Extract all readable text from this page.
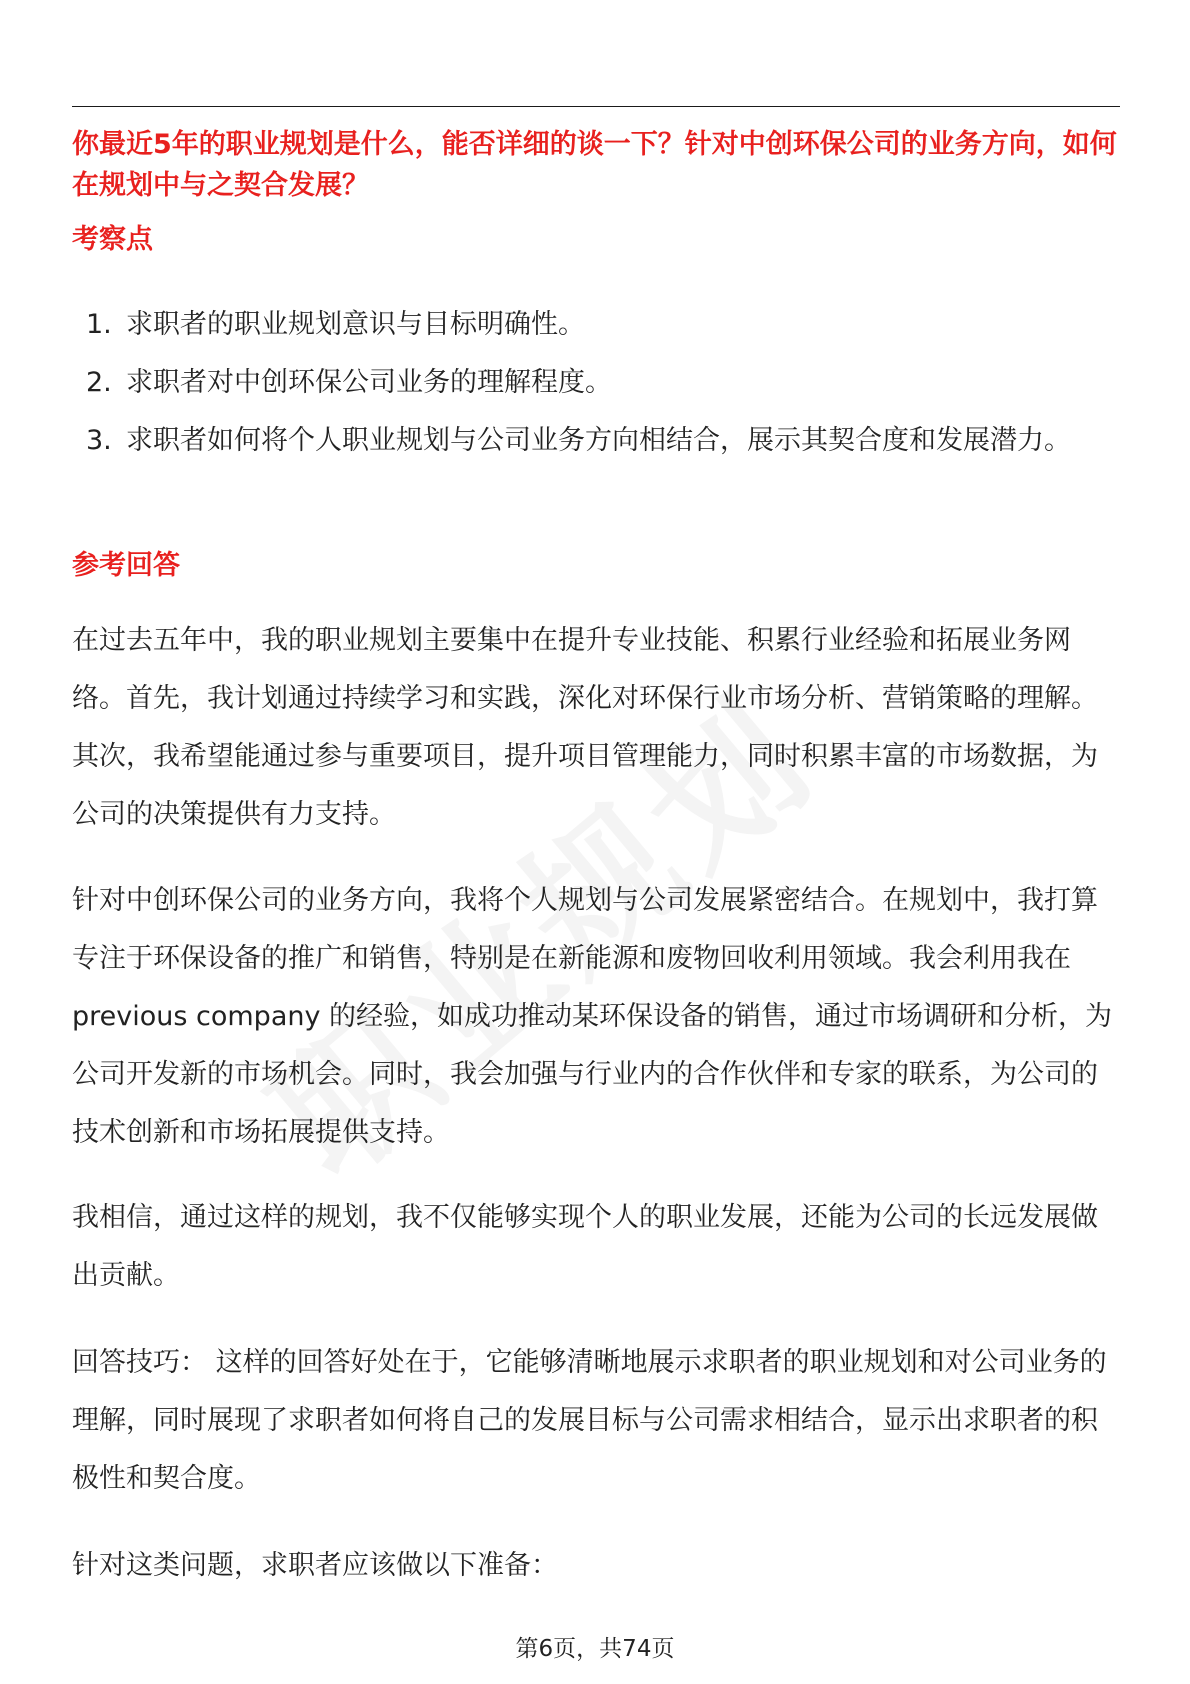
你最近5年的职业规划是什么，能否详细的谈一下？针对中创环保公司的业务方向，如何在规划中与之契合发展？

考察点

1. 求职者的职业规划意识与目标明确性。
2. 求职者对中创环保公司业务的理解程度。
3. 求职者如何将个人职业规划与公司业务方向相结合，展示其契合度和发展潜力。

参考回答

在过去五年中，我的职业规划主要集中在提升专业技能、积累行业经验和拓展业务网络。首先，我计划通过持续学习和实践，深化对环保行业市场分析、营销策略的理解。其次，我希望能通过参与重要项目，提升项目管理能力，同时积累丰富的市场数据，为公司的决策提供有力支持。

针对中创环保公司的业务方向，我将个人规划与公司发展紧密结合。在规划中，我打算专注于环保设备的推广和销售，特别是在新能源和废物回收利用领域。我会利用我在 previous company 的经验，如成功推动某环保设备的销售，通过市场调研和分析，为公司开发新的市场机会。同时，我会加强与行业内的合作伙伴和专家的联系，为公司的技术创新和市场拓展提供支持。

我相信，通过这样的规划，我不仅能够实现个人的职业发展，还能为公司的长远发展做出贡献。

回答技巧： 这样的回答好处在于，它能够清晰地展示求职者的职业规划和对公司业务的理解，同时展现了求职者如何将自己的发展目标与公司需求相结合，显示出求职者的积极性和契合度。

针对这类问题，求职者应该做以下准备：

第6页，共74页
